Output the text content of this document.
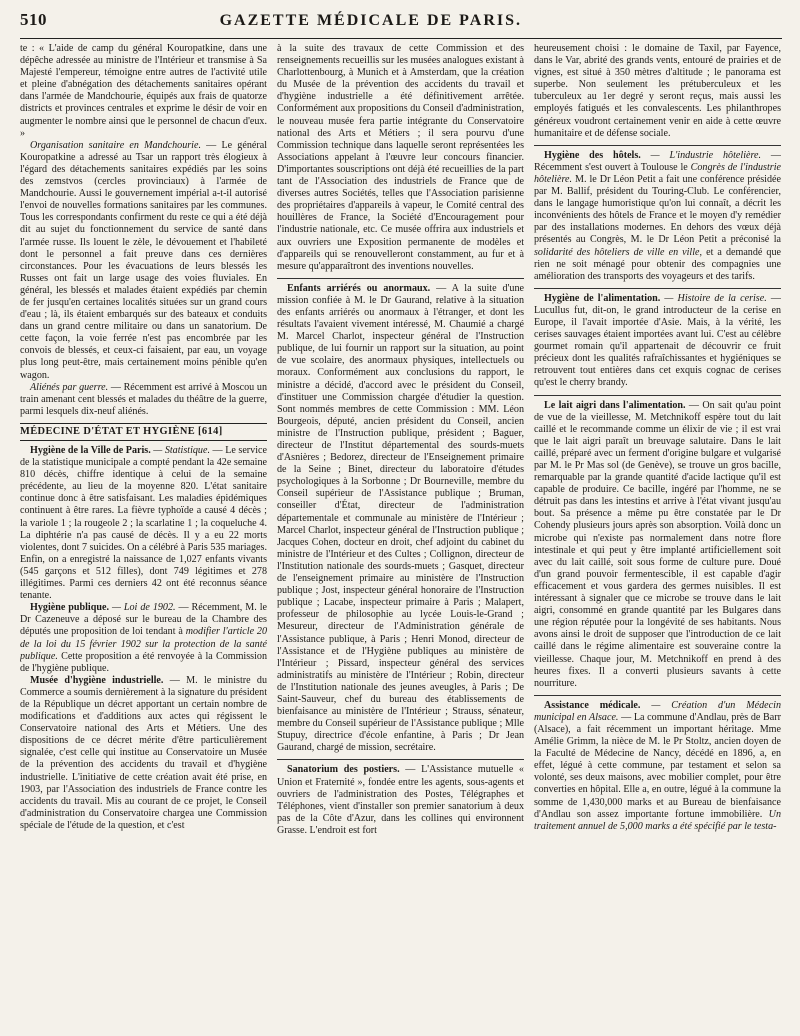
510	GAZETTE MÉDICALE DE PARIS.

te : « L'aide de camp du général Kouropatkine, dans une dépêche adressée au ministre de l'Intérieur et transmise à Sa Majesté l'empereur, témoigne entre autres de l'activité utile et pleine d'abnégation des détachements sanitaires opérant dans l'armée de Mandchourie, équipés aux frais de quatorze districts et provinces centrales et exprime le désir de voir en augmenter le nombre ainsi que le personnel de chacun d'eux. »

Organisation sanitaire en Mandchourie. — Le général Kouropatkine a adressé au Tsar un rapport très élogieux à l'égard des détachements sanitaires expédiés par les soins des zemstvos (cercles provinciaux) à l'armée de Mandchourie. Aussi le gouvernement impérial a-t-il autorisé l'envoi de nouvelles formations sanitaires par les communes. Tous les correspondants confirment du reste ce qui a été déjà dit au sujet du fonctionnement du service de santé dans l'armée russe. Ils louent le zèle, le dévouement et l'habileté dont le personnel a fait preuve dans ces dernières circonstances. Pour les évacuations de leurs blessés les Russes ont fait un large usage des voies fluviales. En général, les blessés et malades étaient expédiés par chemin de fer jusqu'en certaines localités situées sur un grand cours d'eau ; là, ils étaient embarqués sur des bateaux et conduits dans un grand centre militaire ou dans un sanatorium. De cette façon, la voie ferrée n'est pas encombrée par les convois de blessés, et ceux-ci faisaient, par eau, un voyage plus long peut-être, mais certainement moins pénible qu'en wagon.

Aliénés par guerre. — Récemment est arrivé à Moscou un train amenant cent blessés et malades du théâtre de la guerre, parmi lesquels dix-neuf aliénés.

MÉDECINE D'ÉTAT ET HYGIÈNE [614]

Hygiène de la Ville de Paris. — Statistique. — Le service de la statistique municipale a compté pendant la 42e semaine 810 décès, chiffre identique à celui de la semaine précédente, au lieu de la moyenne 820. L'état sanitaire continue donc à être satisfaisant. Les maladies épidémiques continuent à être rares. La fièvre typhoïde a causé 4 décès ; la variole 1 ; la rougeole 2 ; la scarlatine 1 ; la coqueluche 4. La diphtérie n'a pas causé de décès. Il y a eu 22 morts violentes, dont 7 suicides. On a célébré à Paris 535 mariages. Enfin, on a enregistré la naissance de 1,027 enfants vivants (545 garçons et 512 filles), dont 749 légitimes et 278 illégitimes. Parmi ces derniers 42 ont été reconnus séance tenante.

Hygiène publique. — Loi de 1902. — Récemment, M. le Dr Cazeneuve a déposé sur le bureau de la Chambre des députés une proposition de loi tendant à modifier l'article 20 de la loi du 15 février 1902 sur la protection de la santé publique. Cette proposition a été renvoyée à la Commission de l'hygiène publique.

Musée d'hygiène industrielle. — M. le ministre du Commerce a soumis dernièrement à la signature du président de la République un décret apportant un certain nombre de modifications et d'additions aux actes qui régissent le Conservatoire national des Arts et Métiers. Une des dispositions de ce décret mérite d'être particulièrement signalée, c'est celle qui institue au Conservatoire un Musée de la prévention des accidents du travail et d'hygiène industrielle. L'initiative de cette création avait été prise, en 1903, par l'Association des industriels de France contre les accidents du travail. Mis au courant de ce projet, le Conseil d'administration du Conservatoire chargea une Commission spéciale de l'étude de la question, et c'est

à la suite des travaux de cette Commission et des renseignements recueillis sur les musées analogues existant à Charlottenbourg, à Munich et à Amsterdam, que la création du Musée de la prévention des accidents du travail et d'hygiène industrielle a été définitivement arrêtée. Conformément aux propositions du Conseil d'administration, le nouveau musée fera partie intégrante du Conservatoire national des Arts et Métiers ; il sera pourvu d'une Commission technique dans laquelle seront représentées les Associations appelant à l'œuvre leur concours financier. D'importantes souscriptions ont déjà été recueillies de la part tant de l'Association des industriels de France que de diverses autres Sociétés, telles que l'Association parisienne des propriétaires d'appareils à vapeur, le Comité central des houillères de France, la Société d'Encouragement pour l'industrie nationale, etc. Ce musée offrira aux industriels et aux ouvriers une Exposition permanente de modèles et d'appareils qui se renouvelleront constamment, au fur et à mesure qu'apparaîtront des inventions nouvelles.

Enfants arriérés ou anormaux. — A la suite d'une mission confiée à M. le Dr Gaurand, relative à la situation des enfants arriérés ou anormaux à l'étranger, et dont les résultats l'avaient vivement intéressé, M. Chaumié a chargé M. Marcel Charlot, inspecteur général de l'Instruction publique, de lui fournir un rapport sur la situation, au point de vue scolaire, des anormaux physiques, intellectuels ou moraux. Conformément aux conclusions du rapport, le ministre a décidé, d'accord avec le président du Conseil, d'instituer une Commission chargée d'étudier la question. Sont nommés membres de cette Commission : MM. Léon Bourgeois, député, ancien président du Conseil, ancien ministre de l'Instruction publique, président ; Baguer, directeur de l'Institut départemental des sourds-muets d'Asnières ; Bedorez, directeur de l'Enseignement primaire de la Seine ; Binet, directeur du laboratoire d'études psychologiques à la Sorbonne ; Dr Bourneville, membre du Conseil supérieur de l'Assistance publique ; Bruman, conseiller d'État, directeur de l'administration départementale et communale au ministère de l'Intérieur ; Marcel Charlot, inspecteur général de l'Instruction publique ; Jacques Cohen, docteur en droit, chef adjoint du cabinet du ministre de l'Intérieur et des Cultes ; Collignon, directeur de l'Institution nationale des sourds-muets ; Gasquet, directeur de l'enseignement primaire au ministère de l'Instruction publique ; Jost, inspecteur général honoraire de l'Instruction publique ; Lacabe, inspecteur primaire à Paris ; Malapert, professeur de philosophie au lycée Louis-le-Grand ; Mesureur, directeur de l'Administration générale de l'Assistance publique, à Paris ; Henri Monod, directeur de l'Assistance et de l'Hygiène publiques au ministère de l'Intérieur ; Pissard, inspecteur général des services administratifs au ministère de l'Intérieur ; Robin, directeur de l'Institution nationale des jeunes aveugles, à Paris ; De Saint-Sauveur, chef du bureau des établissements de bienfaisance au ministère de l'Intérieur ; Strauss, sénateur, membre du Conseil supérieur de l'Assistance publique ; Mlle Stupuy, directrice d'école enfantine, à Paris ; Dr Jean Gaurand, chargé de mission, secrétaire.

Sanatorium des postiers. — L'Assistance mutuelle « Union et Fraternité », fondée entre les agents, sous-agents et ouvriers de l'administration des Postes, Télégraphes et Téléphones, vient d'installer son premier sanatorium à deux pas de la Côte d'Azur, dans les collines qui environnent Grasse. L'endroit est fort

heureusement choisi : le domaine de Taxil, par Fayence, dans le Var, abrité des grands vents, entouré de prairies et de vignes, est situé à 350 mètres d'altitude ; le panorama est superbe. Non seulement les prétuberculeux et les tuberculeux au 1er degré y seront reçus, mais aussi les employés fatigués et les convalescents. Les philanthropes généreux voudront certainement venir en aide à cette œuvre humanitaire et de défense sociale.

Hygiène des hôtels. — L'industrie hôtelière. — Récemment s'est ouvert à Toulouse le Congrès de l'industrie hôtelière. M. le Dr Léon Petit a fait une conférence présidée par M. Ballif, président du Touring-Club. Le conférencier, dans le langage humoristique qu'on lui connaît, a décrit les inconvénients des hôtels de France et le moyen d'y remédier par des installations modernes. En dehors des vœux déjà présentés au Congrès, M. le Dr Léon Petit a préconisé la solidarité des hôteliers de ville en ville, et a demandé que rien ne soit ménagé pour obtenir des compagnies une amélioration des transports des voyageurs et des tarifs.

Hygiène de l'alimentation. — Histoire de la cerise. — Lucullus fut, dit-on, le grand introducteur de la cerise en Europe, il l'avait importée d'Asie. Mais, à la vérité, les cerises sauvages étaient importées avant lui. C'est au célèbre gourmet romain qu'il appartenait de découvrir ce fruit précieux dont les qualités rafraîchissantes et hygiéniques se retrouvent tout entières dans cet exquis cognac de cerises qu'est le cherry brandy.

Le lait aigri dans l'alimentation. — On sait qu'au point de vue de la vieillesse, M. Metchnikoff espère tout du lait caillé et le recommande comme un élixir de vie ; il est vrai que le lait aigri paraît un breuvage salutaire. Dans le lait caillé, préparé avec un ferment d'origine bulgare et vulgarisé par M. le Pr Mas sol (de Genève), se trouve un gros bacille, remarquable par la grande quantité d'acide lactique qu'il est capable de produire. Ce bacille, ingéré par l'homme, ne se détruit pas dans les intestins et arrive à l'état vivant jusqu'au bout. Sa présence a même pu être constatée par le Dr Cohendy plusieurs jours après son absorption. Voilà donc un microbe qui n'existe pas normalement dans notre flore intestinale et qui peut y être implanté artificiellement soit avec du lait caillé, soit sous forme de culture pure. Doué d'un grand pouvoir fermentescible, il est capable d'agir efficacement et vous gardera des germes nuisibles. Il est intéressant à signaler que ce microbe se trouve dans le lait aigri, consommé en grande quantité par les Bulgares dans une région réputée pour la longévité de ses habitants. Nous avons ainsi le droit de supposer que l'introduction de ce lait caillé dans le régime alimentaire est souveraine contre la vieillesse. Chaque jour, M. Metchnikoff en prend à des heures fixes. Il a converti plusieurs savants à cette nourriture.

Assistance médicale. — Création d'un Médecin municipal en Alsace. — La commune d'Andlau, près de Barr (Alsace), a fait récemment un important héritage. Mme Amélie Grimm, la nièce de M. le Pr Stoltz, ancien doyen de la Faculté de Médecine de Nancy, décédé en 1896, a, en effet, légué à cette commune, par testament et selon sa volonté, ses deux maisons, avec mobilier complet, pour être converties en hôpital. Elle a, en outre, légué à la commune la somme de 1,430,000 marks et au Bureau de bienfaisance d'Andlau son assez importante fortune immobilière. Un traitement annuel de 5,000 marks a été spécifié par le testa-
